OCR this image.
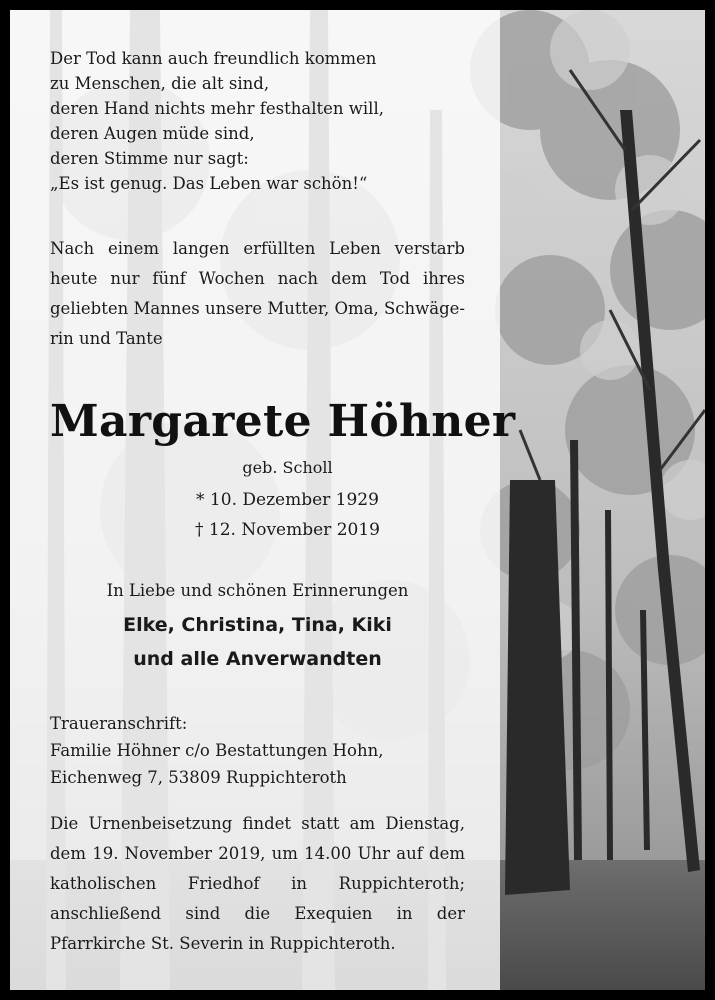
Der Tod kann auch freundlich kommen
zu Menschen, die alt sind,
deren Hand nichts mehr festhalten will,
deren Augen müde sind,
deren Stimme nur sagt:
„Es ist genug. Das Leben war schön!“
Nach einem langen erfüllten Leben verstarb heute nur fünf Wochen nach dem Tod ihres geliebten Mannes unsere Mutter, Oma, Schwägerin und Tante
Margarete Höhner
geb. Scholl
* 10. Dezember 1929
† 12. November 2019
In Liebe und schönen Erinnerungen
Elke, Christina, Tina, Kiki
und alle Anverwandten
Traueranschrift:
Familie Höhner c/o Bestattungen Hohn,
Eichenweg 7, 53809 Ruppichteroth
Die Urnenbeisetzung findet statt am Dienstag, dem 19. November 2019, um 14.00 Uhr auf dem katholischen Friedhof in Ruppichteroth; anschließend sind die Exequien in der Pfarrkirche St. Severin in Ruppichteroth.
